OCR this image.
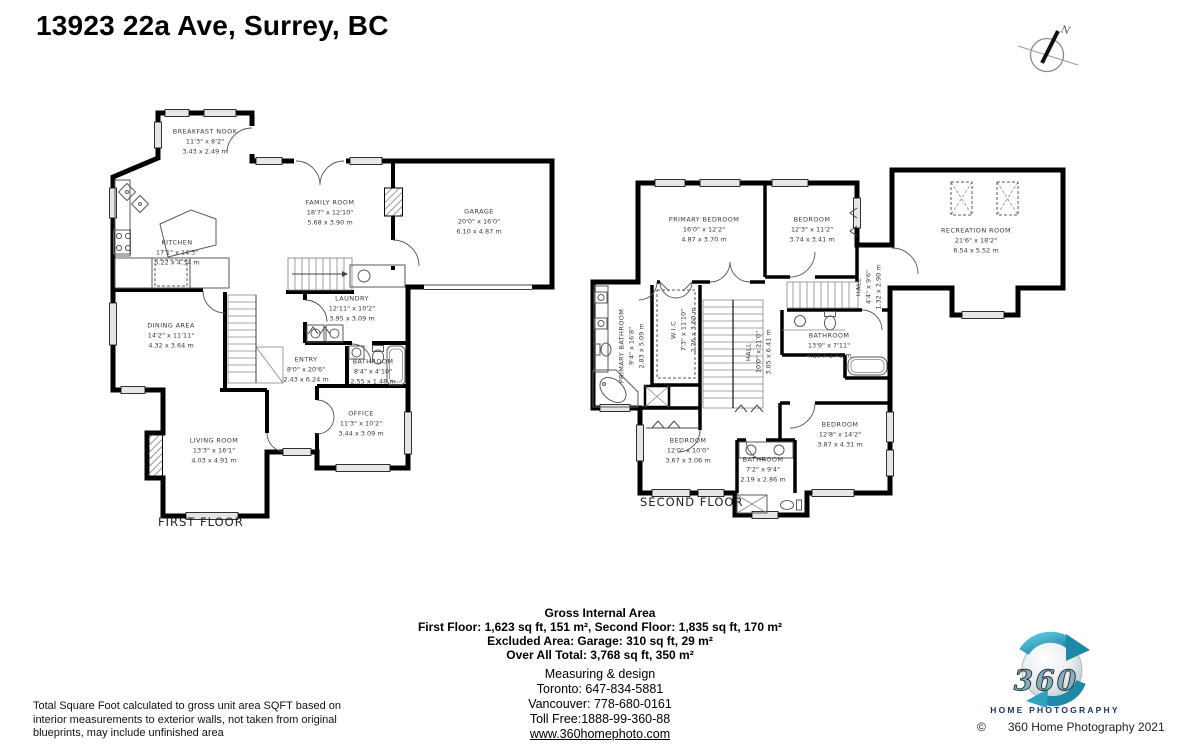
13923 22a Ave, Surrey, BC	N
360
BREAKFAST NOOK
11'3" x 8'2"
3.43 x 2.49 m
FAMILY ROOM
18'7" x 12'10"
5.68 x 3.90 m
GARAGE
20'0" x 16'0"
6.10 x 4.87 m
KITCHEN
17'1" x 14'3"
5.22 x 4.34 m
LAUNDRY
12'11" x 10'2"
3.95 x 3.09 m
DINING AREA
14'2" x 11'11"
4.32 x 3.64 m
ENTRY
8'0" x 20'6"
2.43 x 6.24 m
BATHROOM
8'4" x 4'10"
2.55 x 1.48 m
OFFICE
11'3" x 10'2"
3.44 x 3.09 m
LIVING ROOM
13'3" x 16'1"
4.03 x 4.91 m
FIRST FLOOR
PRIMARY BEDROOM
16'0" x 12'2"
4.87 x 3.70 m
BEDROOM
12'3" x 11'2"
3.74 x 3.41 m
RECREATION ROOM
21'6" x 18'2"
6.54 x 5.52 m
HALL 4'4" x 9'6" 1.32 x 2.90 m
PRIMARY BATHROOM 9'4" x 16'8" 2.83 x 5.09 m	W.I.C 7'3" x 11'10" 2.26 x 3.60 m	HALL 10'0" x 21'0" 3.05 x 6.41 m	BATHROOM
13'9" x 7'11"
4.18 x 2.42 m
BEDROOM
12'0" x 10'0"
3.67 x 3.06 m	BATHROOM
7'2" x 9'4"
2.19 x 2.86 m
BEDROOM
12'8" x 14'2"
3.87 x 4.31 m
SECOND FLOOR
Gross Internal Area
First Floor: 1,623 sq ft, 151 m², Second Floor: 1,835 sq ft, 170 m²
Excluded Area: Garage: 310 sq ft, 29 m²
Over All Total: 3,768 sq ft, 350 m²
Measuring & design
Toronto: 647-834-5881
Vancouver: 778-680-0161
Toll Free:1888-99-360-88
www.360homephoto.com
Total Square Foot calculated to gross unit area SQFT based on interior measurements to exterior walls, not taken from original blueprints, may include unfinished area
HOME PHOTOGRAPHY
© 360 Home Photography 2021
